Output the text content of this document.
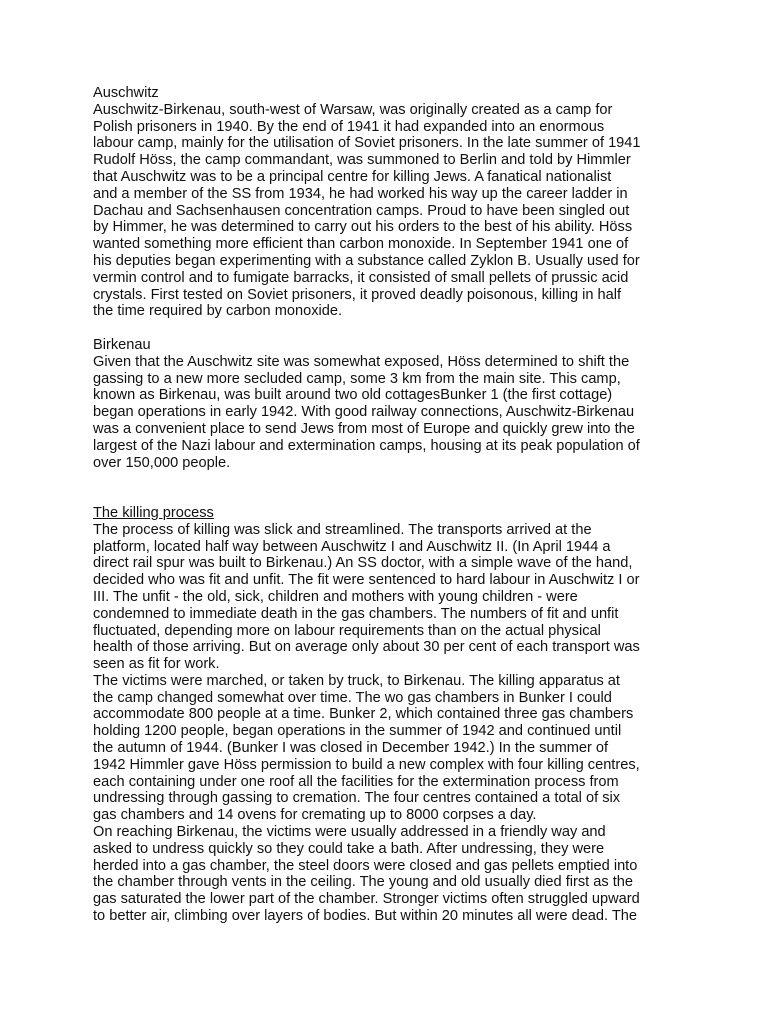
Auschwitz
Auschwitz-Birkenau, south-west of Warsaw, was originally created as a camp for
Polish prisoners in 1940. By the end of 1941 it had expanded into an enormous
labour camp, mainly for the utilisation of Soviet prisoners. In the late summer of 1941
Rudolf Höss, the camp commandant, was summoned to Berlin and told by Himmler
that Auschwitz was to be a principal centre for killing Jews. A fanatical nationalist
and a member of the SS from 1934, he had worked his way up the career ladder in
Dachau and Sachsenhausen concentration camps. Proud to have been singled out
by Himmer, he was determined to carry out his orders to the best of his ability. Höss
wanted something more efficient than carbon monoxide. In September 1941 one of
his deputies began experimenting with a substance called Zyklon B. Usually used for
vermin control and to fumigate barracks, it consisted of small pellets of prussic acid
crystals. First tested on Soviet prisoners, it proved deadly poisonous, killing in half
the time required by carbon monoxide.
Birkenau
Given that the Auschwitz site was somewhat exposed, Höss determined to shift the
gassing to a new more secluded camp, some 3 km from the main site. This camp,
known as Birkenau, was built around two old cottagesBunker 1 (the first cottage)
began operations in early 1942. With good railway connections, Auschwitz-Birkenau
was a convenient place to send Jews from most of Europe and quickly grew into the
largest of the Nazi labour and extermination camps, housing at its peak population of
over 150,000 people.
The killing process
The process of killing was slick and streamlined. The transports arrived at the
platform, located half way between Auschwitz I and Auschwitz II. (In April 1944 a
direct rail spur was built to Birkenau.) An SS doctor, with a simple wave of the hand,
decided who was fit and unfit. The fit were sentenced to hard labour in Auschwitz I or
III. The unfit - the old, sick, children and mothers with young children - were
condemned to immediate death in the gas chambers. The numbers of fit and unfit
fluctuated, depending more on labour requirements than on the actual physical
health of those arriving. But on average only about 30 per cent of each transport was
seen as fit for work.
The victims were marched, or taken by truck, to Birkenau. The killing apparatus at
the camp changed somewhat over time. The wo gas chambers in Bunker I could
accommodate 800 people at a time. Bunker 2, which contained three gas chambers
holding 1200 people, began operations in the summer of 1942 and continued until
the autumn of 1944. (Bunker I was closed in December 1942.) In the summer of
1942 Himmler gave Höss permission to build a new complex with four killing centres,
each containing under one roof all the facilities for the extermination process from
undressing through gassing to cremation. The four centres contained a total of six
gas chambers and 14 ovens for cremating up to 8000 corpses a day.
On reaching Birkenau, the victims were usually addressed in a friendly way and
asked to undress quickly so they could take a bath. After undressing, they were
herded into a gas chamber, the steel doors were closed and gas pellets emptied into
the chamber through vents in the ceiling. The young and old usually died first as the
gas saturated the lower part of the chamber. Stronger victims often struggled upward
to better air, climbing over layers of bodies. But within 20 minutes all were dead. The
